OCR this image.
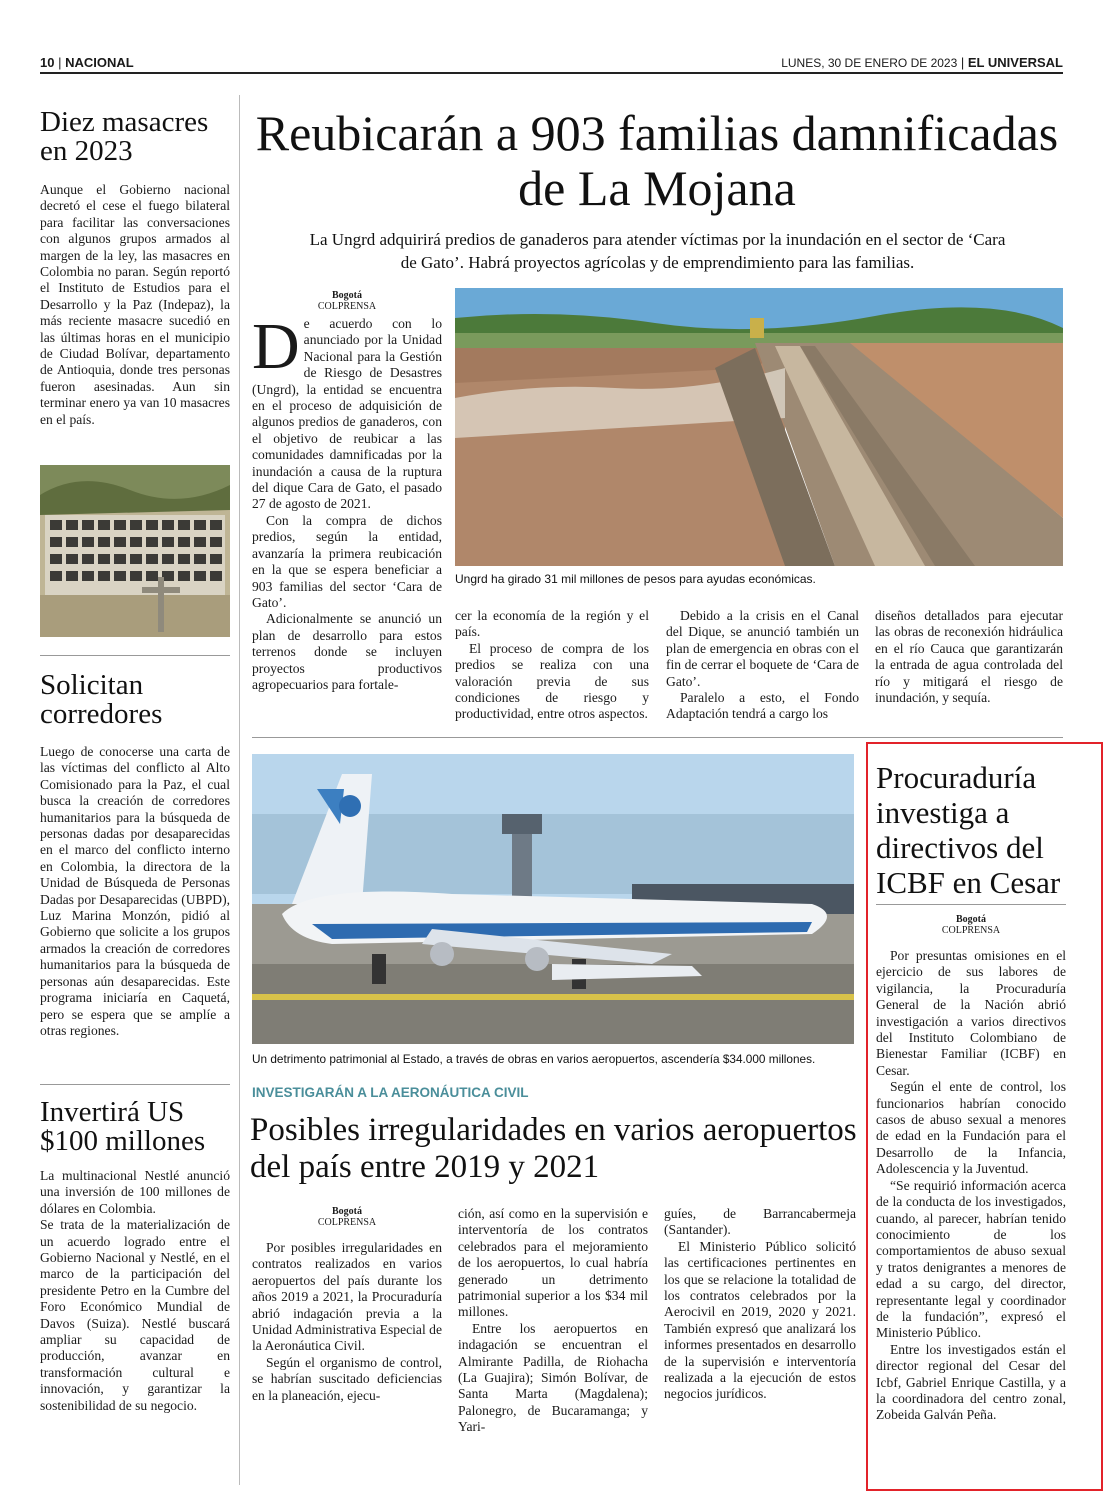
10 | NACIONAL	LUNES, 30 DE ENERO DE 2023 | EL UNIVERSAL
Diez masacres en 2023
Aunque el Gobierno nacional decretó el cese el fuego bilateral para facilitar las conversaciones con algunos grupos armados al margen de la ley, las masacres en Colombia no paran. Según reportó el Instituto de Estudios para el Desarrollo y la Paz (Indepaz), la más reciente masacre sucedió en las últimas horas en el municipio de Ciudad Bolívar, departamento de Antioquia, donde tres personas fueron asesinadas. Aun sin terminar enero ya van 10 masacres en el país.
Solicitan corredores
Luego de conocerse una carta de las víctimas del conflicto al Alto Comisionado para la Paz, el cual busca la creación de corredores humanitarios para la búsqueda de personas dadas por desaparecidas en el marco del conflicto interno en Colombia, la directora de la Unidad de Búsqueda de Personas Dadas por Desaparecidas (UBPD), Luz Marina Monzón, pidió al Gobierno que solicite a los grupos armados la creación de corredores humanitarios para la búsqueda de personas aún desaparecidas. Este programa iniciaría en Caquetá, pero se espera que se amplíe a otras regiones.
Invertirá US $100 millones

La multinacional Nestlé anunció una inversión de 100 millones de dólares en Colombia.

Se trata de la materialización de un acuerdo logrado entre el Gobierno Nacional y Nestlé, en el marco de la participación del presidente Petro en la Cumbre del Foro Económico Mundial de Davos (Suiza). Nestlé buscará ampliar su capacidad de producción, avanzar en transformación cultural e innovación, y garantizar la sostenibilidad de su negocio.

Reubicarán a 903 familias damnificadas de La Mojana
La Ungrd adquirirá predios de ganaderos para atender víctimas por la inundación en el sector de ‘Cara de Gato’. Habrá proyectos agrícolas y de emprendimiento para las familias.
Bogotá
COLPRENSA

De acuerdo con lo anunciado por la Unidad Nacional para la Gestión de Riesgo de Desastres (Ungrd), la entidad se encuentra en el proceso de adquisición de algunos predios de ganaderos, con el objetivo de reubicar a las comunidades damnificadas por la inundación a causa de la ruptura del dique Cara de Gato, el pasado 27 de agosto de 2021.

Con la compra de dichos predios, según la entidad, avanzaría la primera reubicación en la que se espera beneficiar a 903 familias del sector ‘Cara de Gato’.

Adicionalmente se anunció un plan de desarrollo para estos terrenos donde se incluyen proyectos productivos agropecuarios para fortale-

Ungrd ha girado 31 mil millones de pesos para ayudas económicas.

cer la economía de la región y el país.

El proceso de compra de los predios se realiza con una valoración previa de sus condiciones de riesgo y productividad, entre otros aspectos.

Debido a la crisis en el Canal del Dique, se anunció también un plan de emergencia en obras con el fin de cerrar el boquete de ‘Cara de Gato’.

Paralelo a esto, el Fondo Adaptación tendrá a cargo los

diseños detallados para ejecutar las obras de reconexión hidráulica en el río Cauca que garantizarán la entrada de agua controlada del río y mitigará el riesgo de inundación, y sequía.

Un detrimento patrimonial al Estado, a través de obras en varios aeropuertos, ascendería $34.000 millones.
INVESTIGARÁN A LA AERONÁUTICA CIVIL
Posibles irregularidades en varios aeropuertos del país entre 2019 y 2021
Bogotá
COLPRENSA

Por posibles irregularidades en contratos realizados en varios aeropuertos del país durante los años 2019 a 2021, la Procuraduría abrió indagación previa a la Unidad Administrativa Especial de la Aeronáutica Civil.

Según el organismo de control, se habrían suscitado deficiencias en la planeación, ejecu-

ción, así como en la supervisión e interventoría de los contratos celebrados para el mejoramiento de los aeropuertos, lo cual habría generado un detrimento patrimonial superior a los $34 mil millones.

Entre los aeropuertos en indagación se encuentran el Almirante Padilla, de Riohacha (La Guajira); Simón Bolívar, de Santa Marta (Magdalena); Palonegro, de Bucaramanga; y Yari-

guíes, de Barrancabermeja (Santander).

El Ministerio Público solicitó las certificaciones pertinentes en los que se relacione la totalidad de los contratos celebrados por la Aerocivil en 2019, 2020 y 2021. También expresó que analizará los informes presentados en desarrollo de la supervisión e interventoría realizada a la ejecución de estos negocios jurídicos.

Procuraduría investiga a directivos del ICBF en Cesar
Bogotá
COLPRENSA

Por presuntas omisiones en el ejercicio de sus labores de vigilancia, la Procuraduría General de la Nación abrió investigación a varios directivos del Instituto Colombiano de Bienestar Familiar (ICBF) en Cesar.

Según el ente de control, los funcionarios habrían conocido casos de abuso sexual a menores de edad en la Fundación para el Desarrollo de la Infancia, Adolescencia y la Juventud.

“Se requirió información acerca de la conducta de los investigados, cuando, al parecer, habrían tenido conocimiento de los comportamientos de abuso sexual y tratos denigrantes a menores de edad a su cargo, del director, representante legal y coordinador de la fundación”, expresó el Ministerio Público.

Entre los investigados están el director regional del Cesar del Icbf, Gabriel Enrique Castilla, y a la coordinadora del centro zonal, Zobeida Galván Peña.
